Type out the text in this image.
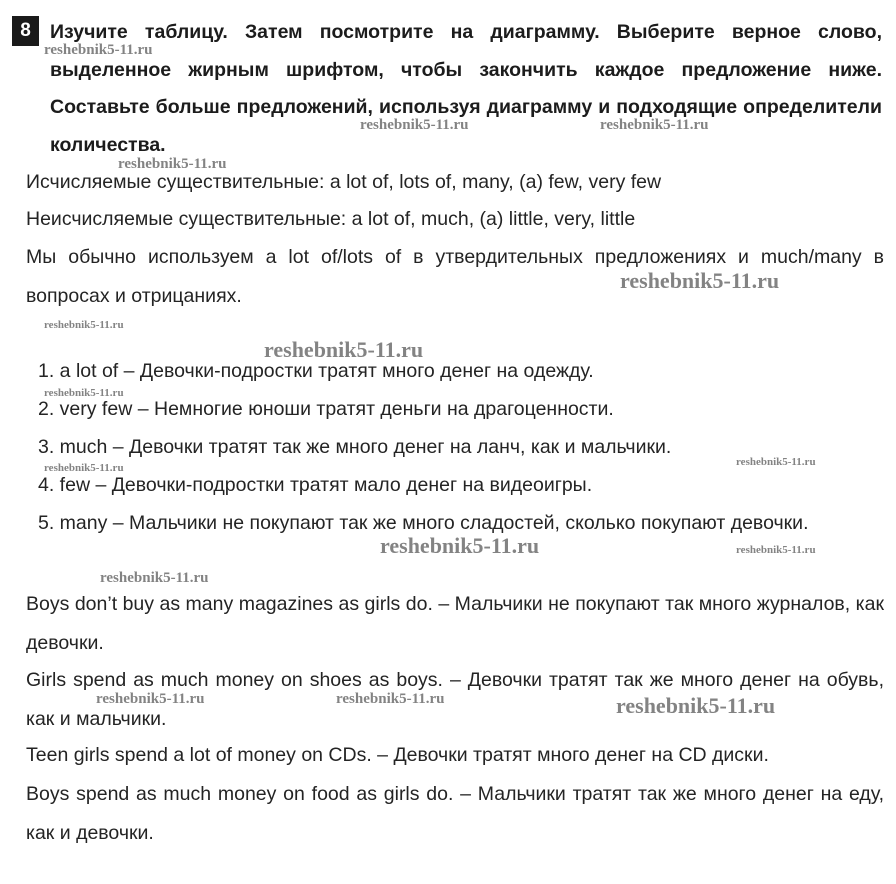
8 Изучите таблицу. Затем посмотрите на диаграмму. Выберите верное слово, выделенное жирным шрифтом, чтобы закончить каждое предложение ниже. Составьте больше предложений, используя диаграмму и подходящие определители количества.
Исчисляемые существительные: a lot of, lots of, many, (a) few, very few
Неисчисляемые существительные: a lot of, much, (a) little, very, little
Мы обычно используем a lot of/lots of в утвердительных предложениях и much/many в вопросах и отрицаниях.
1. a lot of – Девочки-подростки тратят много денег на одежду.
2. very few – Немногие юноши тратят деньги на драгоценности.
3. much – Девочки тратят так же много денег на ланч, как и мальчики.
4. few – Девочки-подростки тратят мало денег на видеоигры.
5. many – Мальчики не покупают так же много сладостей, сколько покупают девочки.
Boys don’t buy as many magazines as girls do. – Мальчики не покупают так много журналов, как девочки.
Girls spend as much money on shoes as boys. – Девочки тратят так же много денег на обувь, как и мальчики.
Teen girls spend a lot of money on CDs. – Девочки тратят много денег на CD диски.
Boys spend as much money on food as girls do. – Мальчики тратят так же много денег на еду, как и девочки.
reshebnik5-11.ru
reshebnik5-11.ru	reshebnik5-11.ru
reshebnik5-11.ru
reshebnik5-11.ru
reshebnik5-11.ru
reshebnik5-11.ru
reshebnik5-11.ru
reshebnik5-11.ru
reshebnik5-11.ru
reshebnik5-11.ru	reshebnik5-11.ru
reshebnik5-11.ru
reshebnik5-11.ru	reshebnik5-11.ru	reshebnik5-11.ru
